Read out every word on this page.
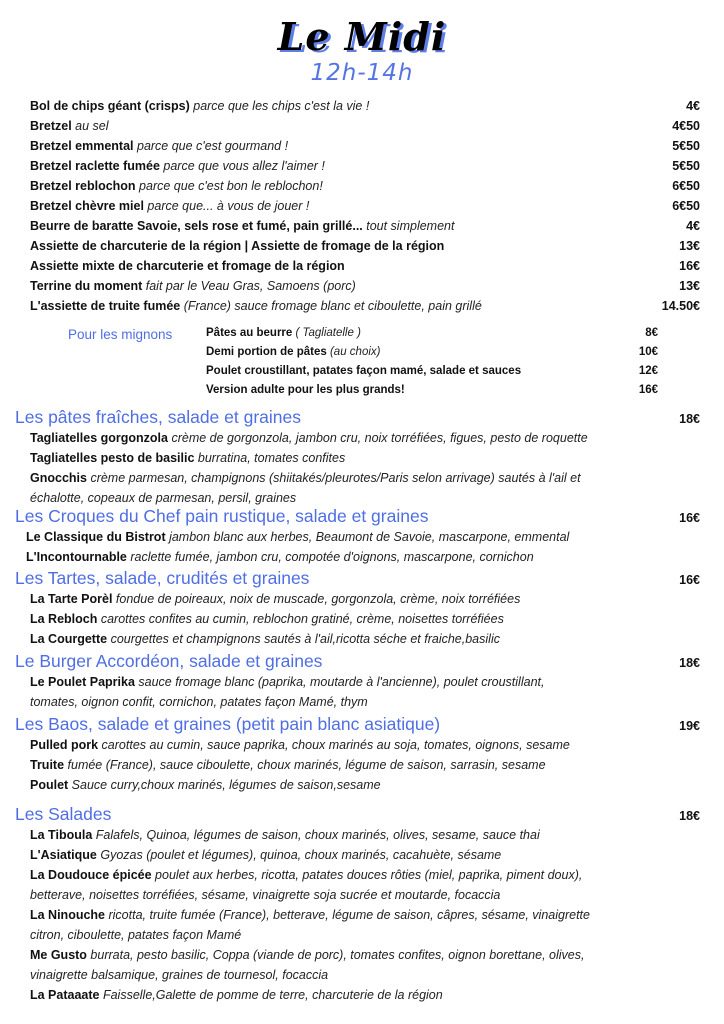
Le Midi
12h-14h
Bol de chips géant (crisps) parce que les chips c'est la vie !	4€
Bretzel au sel	4€50
Bretzel emmental parce que c'est gourmand !	5€50
Bretzel raclette fumée parce que vous allez l'aimer !	5€50
Bretzel reblochon parce que c'est bon le reblochon!	6€50
Bretzel chèvre miel parce que... à vous de jouer !	6€50
Beurre de baratte Savoie, sels rose et fumé, pain grillé... tout simplement	4€
Assiette de charcuterie de la région | Assiette de fromage de la région	13€
Assiette mixte de charcuterie et fromage de la région	16€
Terrine du moment fait par le Veau Gras, Samoens (porc)	13€
L'assiette de truite fumée (France) sauce fromage blanc et ciboulette, pain grillé	14.50€
Pour les mignons	Pâtes au beurre ( Tagliatelle )	8€
Demi portion de pâtes (au choix)	10€
Poulet croustillant, patates façon mamé, salade et sauces	12€
Version adulte pour les plus grands!	16€
Les pâtes fraîches, salade et graines	18€
Tagliatelles gorgonzola crème de gorgonzola, jambon cru, noix torréfiées, figues, pesto de roquette
Tagliatelles pesto de basilic burratina, tomates confites
Gnocchis crème parmesan, champignons (shiitakés/pleurotes/Paris selon arrivage) sautés à l'ail et
échalotte, copeaux de parmesan, persil, graines
Les Croques du Chef pain rustique, salade et graines	16€
Le Classique du Bistrot jambon blanc aux herbes, Beaumont de Savoie, mascarpone, emmental
L'Incontournable raclette fumée, jambon cru, compotée d'oignons, mascarpone, cornichon
Les Tartes, salade, crudités et graines	16€
La Tarte Porèl fondue de poireaux, noix de muscade, gorgonzola, crème, noix torréfiées
La Rebloch carottes confites au cumin, reblochon gratiné, crème, noisettes torréfiées
La Courgette courgettes et champignons sautés à l'ail,ricotta séche et fraiche,basilic
Le Burger Accordéon, salade et graines	18€
Le Poulet Paprika sauce fromage blanc (paprika, moutarde à l'ancienne), poulet croustillant,
tomates, oignon confit, cornichon, patates façon Mamé, thym
Les Baos, salade et graines (petit pain blanc asiatique)	19€
Pulled pork carottes au cumin, sauce paprika, choux marinés au soja, tomates, oignons, sesame
Truite fumée (France), sauce ciboulette, choux marinés, légume de saison, sarrasin, sesame
Poulet Sauce curry,choux marinés, légumes de saison,sesame
Les Salades	18€
La Tiboula Falafels, Quinoa, légumes de saison, choux marinés, olives, sesame, sauce thai
L'Asiatique Gyozas (poulet et légumes), quinoa, choux marinés, cacahuète, sésame
La Doudouce épicée poulet aux herbes, ricotta, patates douces rôties (miel, paprika, piment doux),
betterave, noisettes torréfiées, sésame, vinaigrette soja sucrée et moutarde, focaccia
La Ninouche ricotta, truite fumée (France), betterave, légume de saison, câpres, sésame, vinaigrette
citron, ciboulette, patates façon Mamé
Me Gusto burrata, pesto basilic, Coppa (viande de porc), tomates confites, oignon borettane, olives,
vinaigrette balsamique, graines de tournesol, focaccia
La Pataaate Faisselle,Galette de pomme de terre, charcuterie de la région
